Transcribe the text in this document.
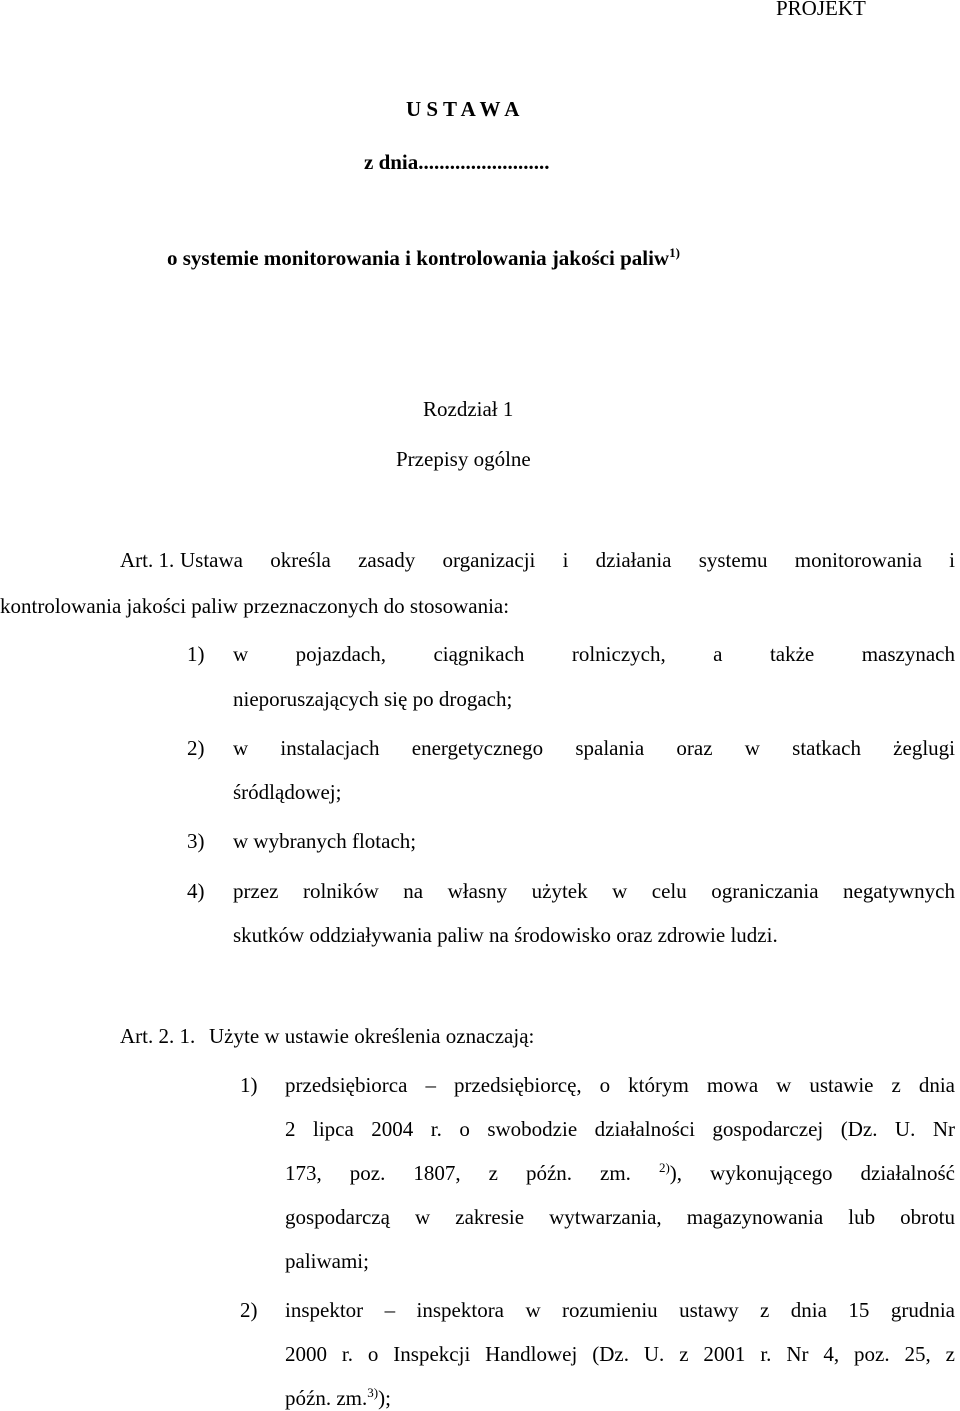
PROJEKT
U S T A W A
z dnia.........................
o systemie monitorowania i kontrolowania jakości paliw$^{1)}$
Rozdział 1
Przepisy ogólne
Art. 1. Ustawa określa zasady organizacji i działania systemu monitorowania i
kontrolowania jakości paliw przeznaczonych do stosowania:
1) w pojazdach, ciągnikach rolniczych, a także maszynach
nieporuszających się po drogach;
2) w instalacjach energetycznego spalania oraz w statkach żeglugi
śródlądowej;
3) w wybranych flotach;
4) przez rolników na własny użytek w celu ograniczania negatywnych
skutków oddziaływania paliw na środowisko oraz zdrowie ludzi.
Art. 2. 1. Użyte w ustawie określenia oznaczają:
1) przedsiębiorca – przedsiębiorcę, o którym mowa w ustawie z dnia
2 lipca 2004 r. o swobodzie działalności gospodarczej (Dz. U. Nr
173, poz. 1807, z późn. zm. $^{2)}$), wykonującego działalność
gospodarczą w zakresie wytwarzania, magazynowania lub obrotu
paliwami;
2) inspektor – inspektora w rozumieniu ustawy z dnia 15 grudnia
2000 r. o Inspekcji Handlowej (Dz. U. z 2001 r. Nr 4, poz. 25, z
późn. zm.$^{3)}$);
